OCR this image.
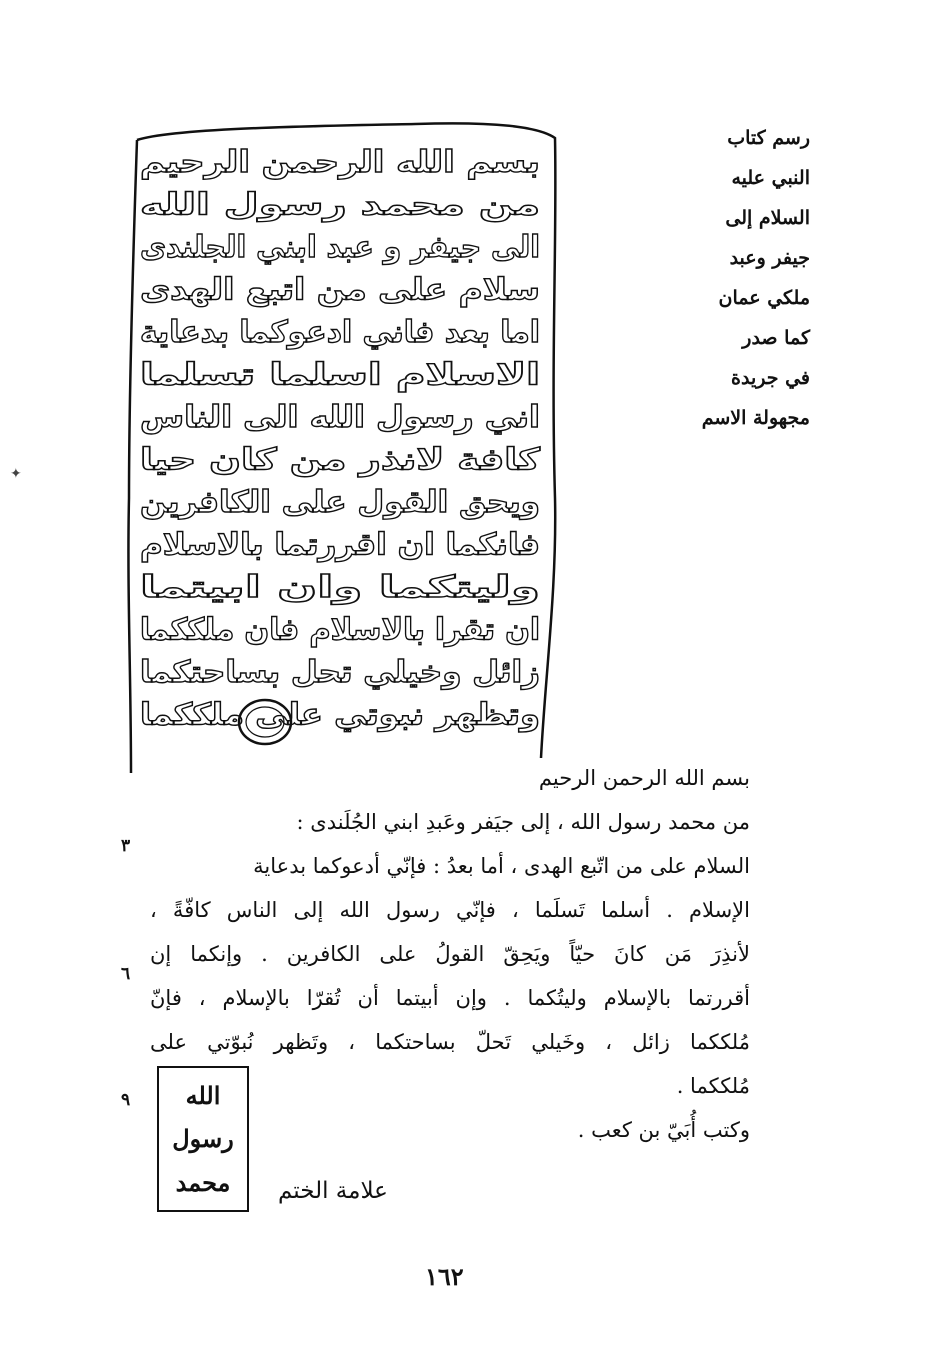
✦
رسم كتاب
النبي عليه
السلام إلى
جيفر وعبد
ملكي عمان
كما صدر
في جريدة
مجهولة الاسم
بسم الله الرحمن الرحيم
من محمد رسول الله
الى جيفر و عبد ابني الجلندى
سلام على من اتبع الهدى
اما بعد فاني ادعوكما بدعاية
الاسلام اسلما تسلما
اني رسول الله الى الناس
كافة لانذر من كان حيا
ويحق القول على الكافرين
فانكما ان اقررتما بالاسلام
وليتكما وان ابيتما
ان تقرا بالاسلام فان ملككما
زائل وخيلي تحل بساحتكما
وتظهر نبوتي على ملككما
بسم الله الرحمن الرحيم
من محمد رسول الله ، إلى جيَفر وعَبدِ ابني الجُلَندى :
السلام على من اتّبع الهدى ، أما بعدُ : فإنّي أدعوكما بدعاية
الإسلام . أسلما تَسلَما ، فإنّي رسول الله إلى الناس كافّةً ،
لأنذِرَ مَن كانَ حيّاً ويَحِقّ القولُ على الكافرين . وإنكما إن
أقررتما بالإسلام وليتُكما . وإن أبيتما أن تُقرّا بالإسلام ، فإنّ
مُلككما زائل ، وخَيلي تَحلّ بساحتكما ، وتَظهر نُبوّتي على
مُلككما .
وكتب أُبَيّ بن كعب .
٣
٦
٩ الله
رسول
محمد علامة الختم
١٦٢
